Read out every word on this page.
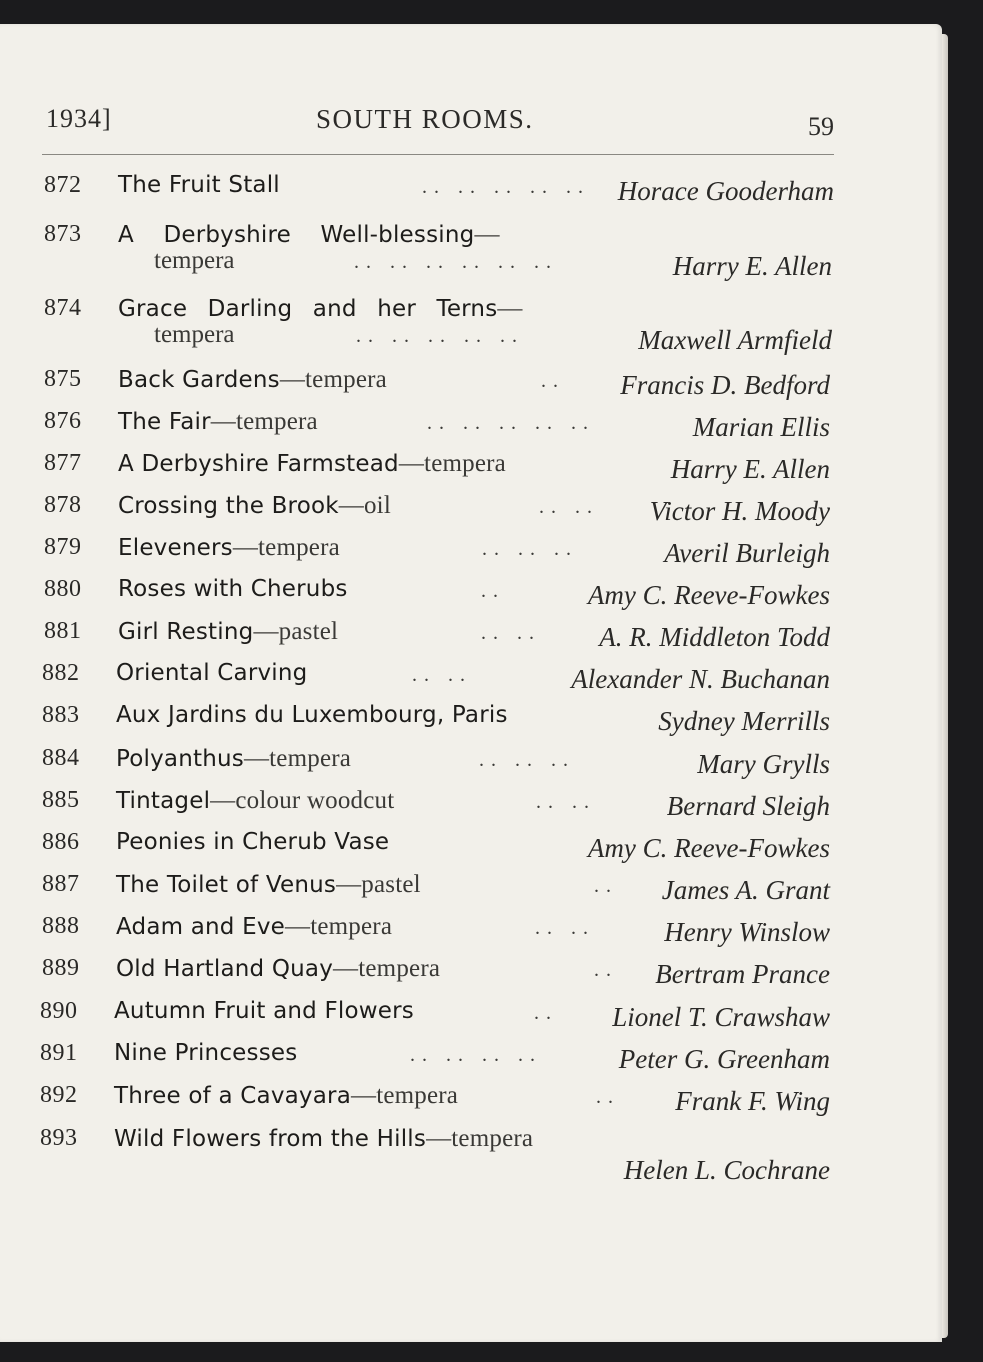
1934]	SOUTH ROOMS.	59
872	The Fruit Stall	.. .. .. .. .. Horace Gooderham
873	A Derbyshire Well-blessing—
tempera	.. .. .. .. .. ..	Harry E. Allen
874	Grace Darling and her Terns—
tempera	.. .. .. .. ..	Maxwell Armfield
875	Back Gardens—tempera	.. Francis D. Bedford
876	The Fair—tempera	.. .. .. .. ..	Marian Ellis
877	A Derbyshire Farmstead—tempera	Harry E. Allen
878	Crossing the Brook—oil	.. .. Victor H. Moody
879	Eleveners—tempera	.. .. ..	Averil Burleigh
880	Roses with Cherubs	..	Amy C. Reeve-Fowkes
881	Girl Resting—pastel	.. .. A. R. Middleton Todd
882	Oriental Carving	.. ..	Alexander N. Buchanan
883	Aux Jardins du Luxembourg, Paris	Sydney Merrills
884	Polyanthus—tempera	.. .. ..	Mary Grylls
885	Tintagel—colour woodcut	.. ..	Bernard Sleigh
886	Peonies in Cherub Vase	Amy C. Reeve-Fowkes
887	The Toilet of Venus—pastel	.. James A. Grant
888	Adam and Eve—tempera	.. ..	Henry Winslow
889	Old Hartland Quay—tempera	.. Bertram Prance
890	Autumn Fruit and Flowers	.. Lionel T. Crawshaw
891	Nine Princesses	.. .. .. ..	Peter G. Greenham
892	Three of a Cavayara—tempera	.. Frank F. Wing
893	Wild Flowers from the Hills—tempera
Helen L. Cochrane
